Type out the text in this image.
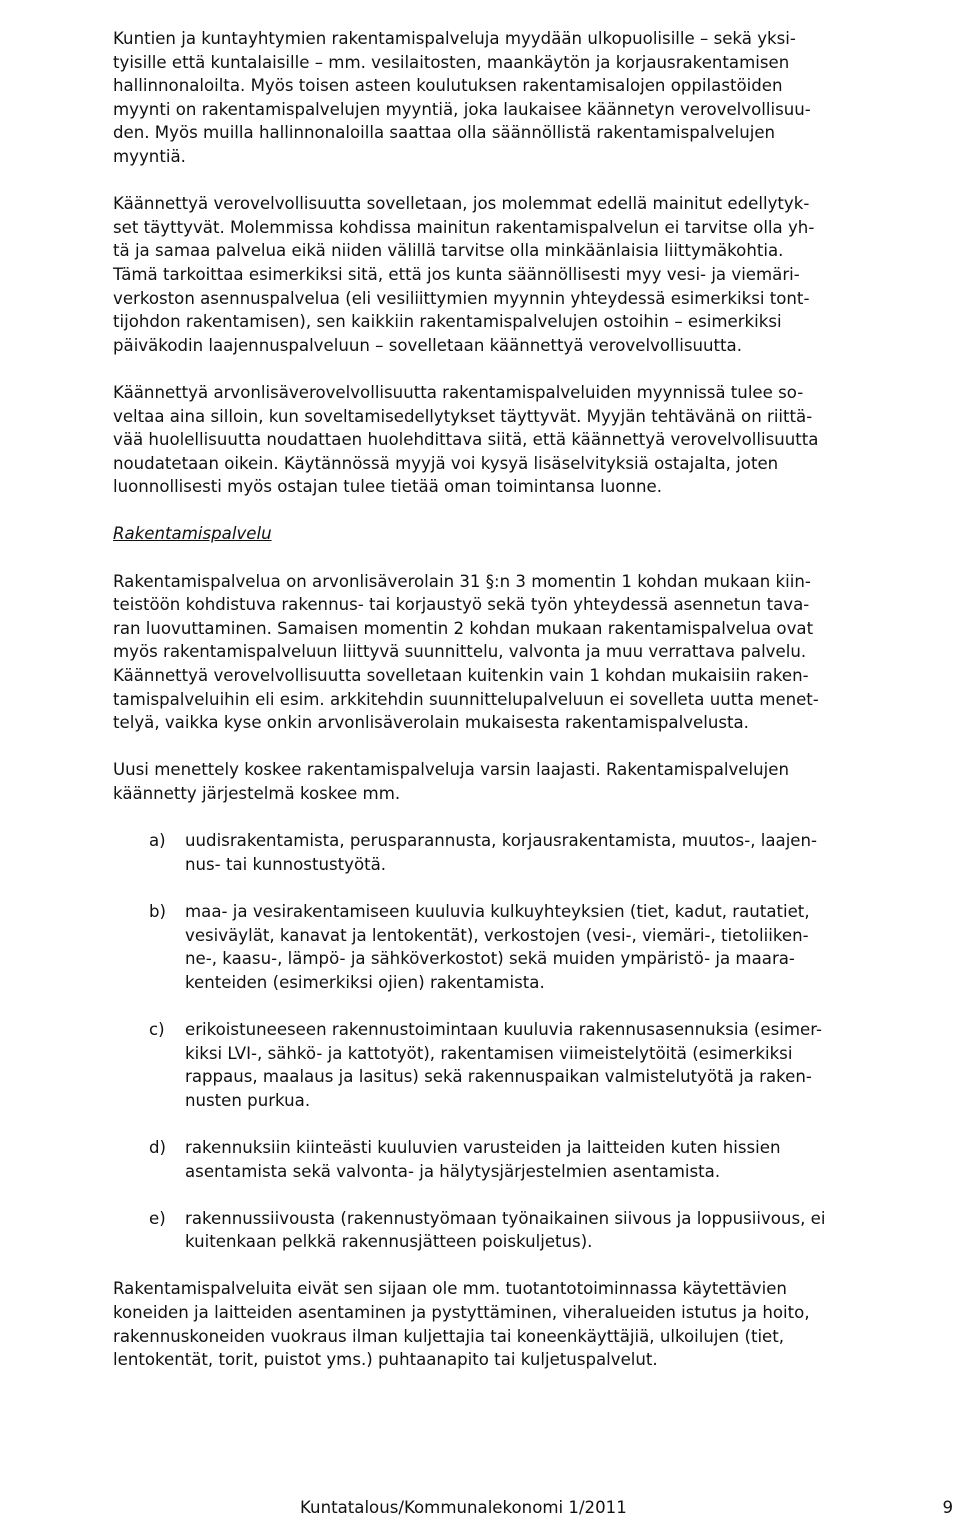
Kuntien ja kuntayhtymien rakentamispalveluja myydään ulkopuolisille – sekä yksi-
tyisille että kuntalaisille – mm. vesilaitosten, maankäytön ja korjausrakentamisen
hallinnonaloilta. Myös toisen asteen koulutuksen rakentamisalojen oppilastöiden
myynti on rakentamispalvelujen myyntiä, joka laukaisee käännetyn verovelvollisuu-
den. Myös muilla hallinnonaloilla saattaa olla säännöllistä rakentamispalvelujen
myyntiä.
Käännettyä verovelvollisuutta sovelletaan, jos molemmat edellä mainitut edellytyk-
set täyttyvät. Molemmissa kohdissa mainitun rakentamispalvelun ei tarvitse olla yh-
tä ja samaa palvelua eikä niiden välillä tarvitse olla minkäänlaisia liittymäkohtia.
Tämä tarkoittaa esimerkiksi sitä, että jos kunta säännöllisesti myy vesi- ja viemäri-
verkoston asennuspalvelua (eli vesiliittymien myynnin yhteydessä esimerkiksi tont-
tijohdon rakentamisen), sen kaikkiin rakentamispalvelujen ostoihin – esimerkiksi
päiväkodin laajennuspalveluun – sovelletaan käännettyä verovelvollisuutta.
Käännettyä arvonlisäverovelvollisuutta rakentamispalveluiden myynnissä tulee so-
veltaa aina silloin, kun soveltamisedellytykset täyttyvät. Myyjän tehtävänä on riittä-
vää huolellisuutta noudattaen huolehdittava siitä, että käännettyä verovelvollisuutta
noudatetaan oikein. Käytännössä myyjä voi kysyä lisäselvityksiä ostajalta, joten
luonnollisesti myös ostajan tulee tietää oman toimintansa luonne.
Rakentamispalvelu
Rakentamispalvelua on arvonlisäverolain 31 §:n 3 momentin 1 kohdan mukaan kiin-
teistöön kohdistuva rakennus- tai korjaustyö sekä työn yhteydessä asennetun tava-
ran luovuttaminen. Samaisen momentin 2 kohdan mukaan rakentamispalvelua ovat
myös rakentamispalveluun liittyvä suunnittelu, valvonta ja muu verrattava palvelu.
Käännettyä verovelvollisuutta sovelletaan kuitenkin vain 1 kohdan mukaisiin raken-
tamispalveluihin eli esim. arkkitehdin suunnittelupalveluun ei sovelleta uutta menet-
telyä, vaikka kyse onkin arvonlisäverolain mukaisesta rakentamispalvelusta.
Uusi menettely koskee rakentamispalveluja varsin laajasti. Rakentamispalvelujen
käännetty järjestelmä koskee mm.
a)	uudisrakentamista, perusparannusta, korjausrakentamista, muutos-, laajen-
nus- tai kunnostustyötä.
b)	maa- ja vesirakentamiseen kuuluvia kulkuyhteyksien (tiet, kadut, rautatiet,
vesiväylät, kanavat ja lentokentät), verkostojen (vesi-, viemäri-, tietoliiken-
ne-, kaasu-, lämpö- ja sähköverkostot) sekä muiden ympäristö- ja maara-
kenteiden (esimerkiksi ojien) rakentamista.
c)	erikoistuneeseen rakennustoimintaan kuuluvia rakennusasennuksia (esimer-
kiksi LVI-, sähkö- ja kattotyöt), rakentamisen viimeistelytöitä (esimerkiksi
rappaus, maalaus ja lasitus) sekä rakennuspaikan valmistelutyötä ja raken-
nusten purkua.
d)	rakennuksiin kiinteästi kuuluvien varusteiden ja laitteiden kuten hissien
asentamista sekä valvonta- ja hälytysjärjestelmien asentamista.
e)	rakennussiivousta (rakennustyömaan työnaikainen siivous ja loppusiivous, ei
kuitenkaan pelkkä rakennusjätteen poiskuljetus).
Rakentamispalveluita eivät sen sijaan ole mm. tuotantotoiminnassa käytettävien
koneiden ja laitteiden asentaminen ja pystyttäminen, viheralueiden istutus ja hoito,
rakennuskoneiden vuokraus ilman kuljettajia tai koneenkäyttäjiä, ulkoilujen (tiet,
lentokentät, torit, puistot yms.) puhtaanapito tai kuljetuspalvelut.
Kuntatalous/Kommunalekonomi 1/2011	9
